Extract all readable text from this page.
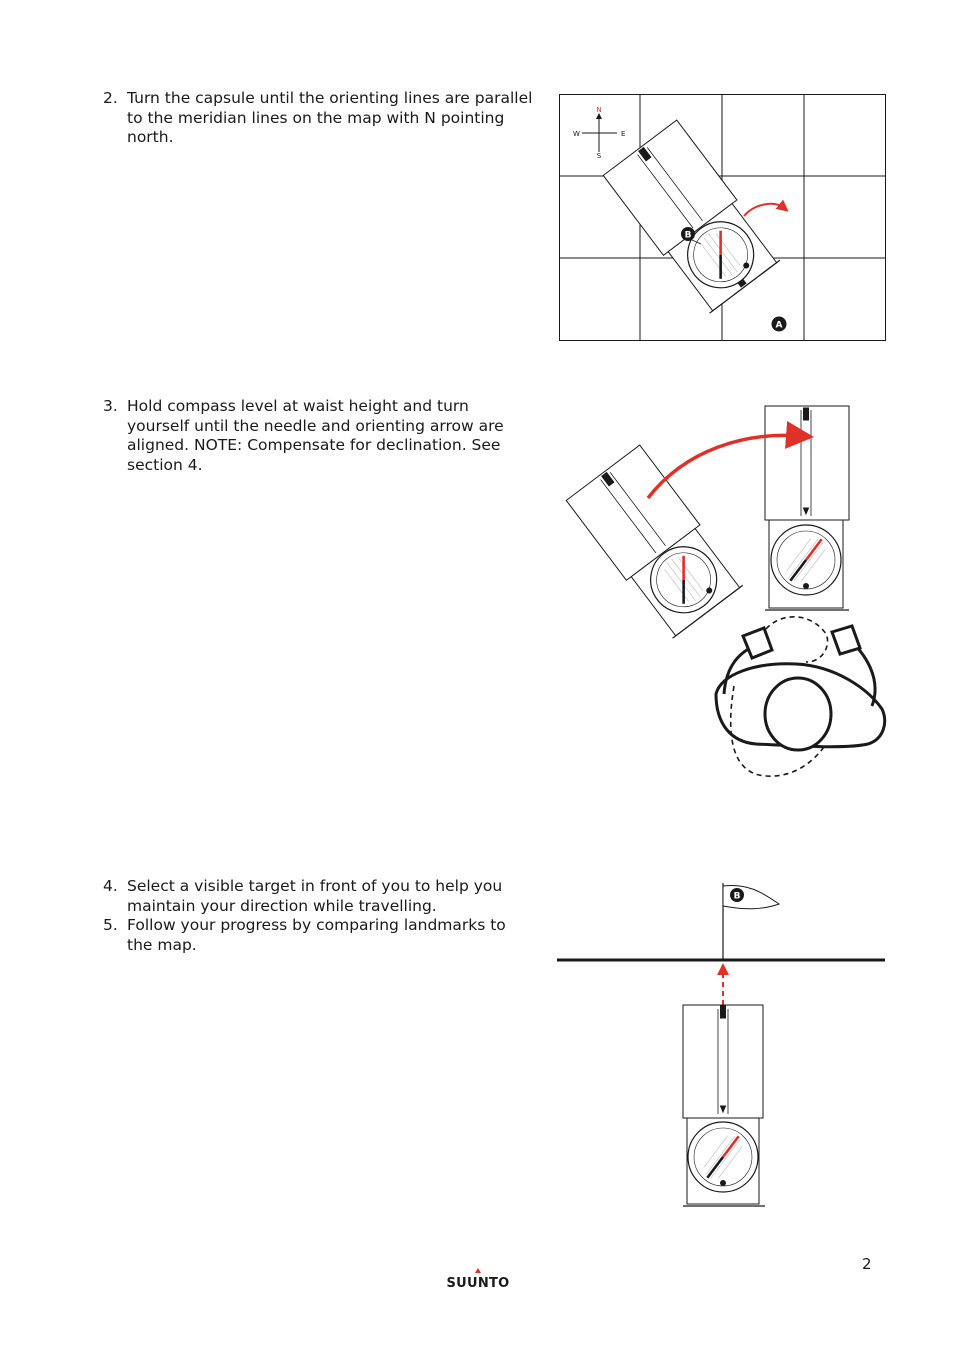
2. Turn the capsule until the orienting lines are parallel to the meridian lines on the map with N pointing north.
3. Hold compass level at waist height and turn yourself until the needle and orienting arrow are aligned. NOTE: Compensate for declination. See section 4.
4. Select a visible target in front of you to help you maintain your direction while travelling.
5. Follow your progress by comparing landmarks to the map.
N
S
E
W
B
A
B
2
SUUNTO
